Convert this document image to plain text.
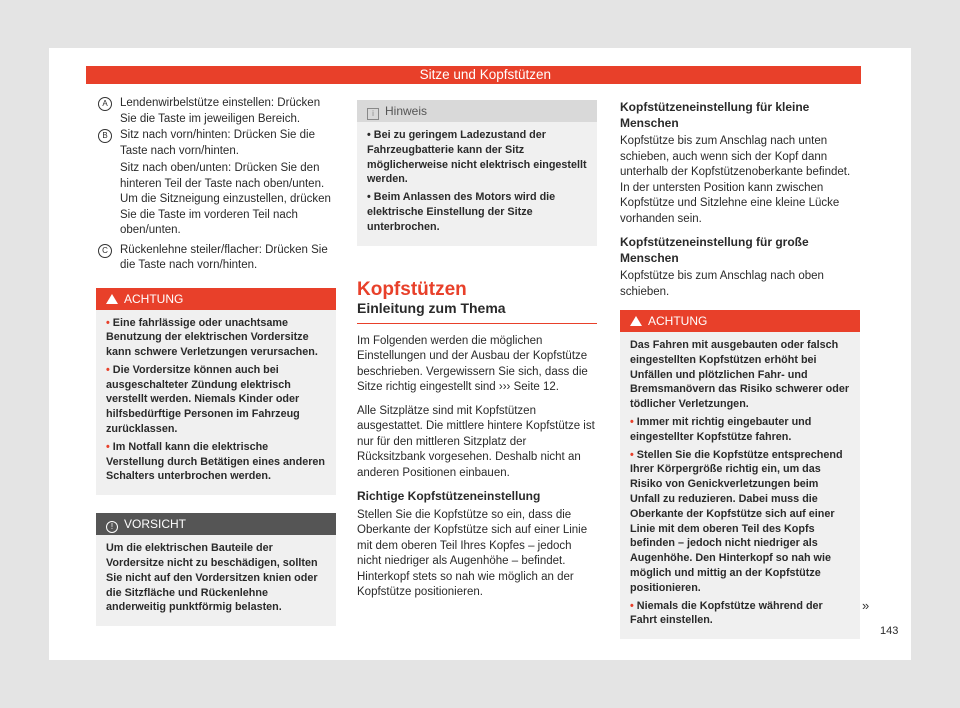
Sitze und Kopfstützen
A	Lendenwirbelstütze einstellen: Drücken Sie die Taste im jeweiligen Bereich.

B	Sitz nach vorn/hinten: Drücken Sie die Taste nach vorn/hinten.

Sitz nach oben/unten: Drücken Sie den hinteren Teil der Taste nach oben/unten. Um die Sitzneigung einzustellen, drücken Sie die Taste im vorderen Teil nach oben/unten.
C	Rückenlehne steiler/flacher: Drücken Sie die Taste nach vorn/hinten.

ACHTUNG

• Eine fahrlässige oder unachtsame Benutzung der elektrischen Vordersitze kann schwere Verletzungen verursachen.

• Die Vordersitze können auch bei ausgeschalteter Zündung elektrisch verstellt werden. Niemals Kinder oder hilfsbedürftige Personen im Fahrzeug zurücklassen.

• Im Notfall kann die elektrische Verstellung durch Betätigen eines anderen Schalters unterbrochen werden.

! VORSICHT

Um die elektrischen Bauteile der Vordersitze nicht zu beschädigen, sollten Sie nicht auf den Vordersitzen knien oder die Sitzfläche und Rückenlehne anderweitig punktförmig belasten.

i Hinweis

• Bei zu geringem Ladezustand der Fahrzeugbatterie kann der Sitz möglicherweise nicht elektrisch eingestellt werden.

• Beim Anlassen des Motors wird die elektrische Einstellung der Sitze unterbrochen.

Kopfstützen
Einleitung zum Thema

Im Folgenden werden die möglichen Einstellungen und der Ausbau der Kopfstütze beschrieben. Vergewissern Sie sich, dass die Sitze richtig eingestellt sind ››› Seite 12.

Alle Sitzplätze sind mit Kopfstützen ausgestattet. Die mittlere hintere Kopfstütze ist nur für den mittleren Sitzplatz der Rücksitzbank vorgesehen. Deshalb nicht an anderen Positionen einbauen.

Richtige Kopfstützeneinstellung

Stellen Sie die Kopfstütze so ein, dass die Oberkante der Kopfstütze sich auf einer Linie mit dem oberen Teil Ihres Kopfes – jedoch nicht niedriger als Augenhöhe – befindet. Hinterkopf stets so nah wie möglich an der Kopfstütze positionieren.

Kopfstützeneinstellung für kleine Menschen

Kopfstütze bis zum Anschlag nach unten schieben, auch wenn sich der Kopf dann unterhalb der Kopfstützenoberkante befindet. In der untersten Position kann zwischen Kopfstütze und Sitzlehne eine kleine Lücke vorhanden sein.

Kopfstützeneinstellung für große Menschen

Kopfstütze bis zum Anschlag nach oben schieben.

ACHTUNG

Das Fahren mit ausgebauten oder falsch eingestellten Kopfstützen erhöht bei Unfällen und plötzlichen Fahr- und Bremsmanövern das Risiko schwerer oder tödlicher Verletzungen.

• Immer mit richtig eingebauter und eingestellter Kopfstütze fahren.

• Stellen Sie die Kopfstütze entsprechend Ihrer Körpergröße richtig ein, um das Risiko von Genickverletzungen beim Unfall zu reduzieren. Dabei muss die Oberkante der Kopfstütze sich auf einer Linie mit dem oberen Teil des Kopfs befinden – jedoch nicht niedriger als Augenhöhe. Den Hinterkopf so nah wie möglich und mittig an der Kopfstütze positionieren.

• Niemals die Kopfstütze während der Fahrt einstellen.

»
143
